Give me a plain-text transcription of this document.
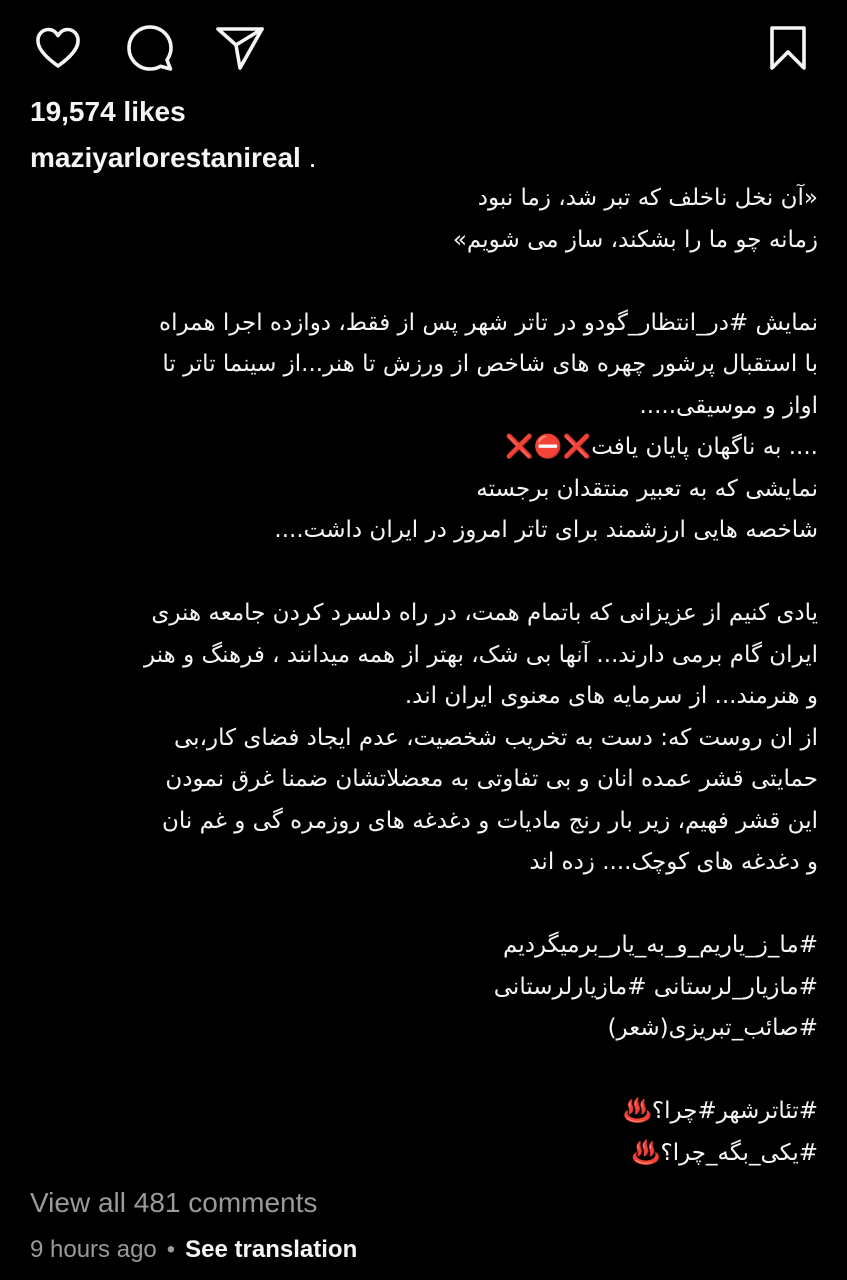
19,574 likes
maziyarlorestanireal .
«آن نخل ناخلف که تبر شد، زما نبود
زمانه چو ما را بشکند، ساز می شویم»
نمایش #در_انتظار_گودو در تاتر شهر پس از فقط، دوازده اجرا همراه
با استقبال پرشور چهره های شاخص از ورزش تا هنر...از سینما تاتر تا
اواز و موسیقی.....
.... به ناگهان پایان یافت❌⛔❌
نمایشی که به تعبیر منتقدان برجسته
شاخصه هایی ارزشمند برای تاتر امروز در ایران داشت....
یادی کنیم از عزیزانی که باتمام همت، در راه دلسرد کردن جامعه هنری
ایران گام برمی دارند... آنها بی شک، بهتر از همه میدانند ، فرهنگ و هنر
و هنرمند... از سرمایه های معنوی ایران اند.
از ان روست که: دست به تخریب شخصیت، عدم ایجاد فضای کار،بی
حمایتی قشر عمده انان و بی تفاوتی به معضلاتشان ضمنا غرق نمودن
این قشر فهیم، زیر بار رنج مادیات و دغدغه های روزمره گی و غم نان
و دغدغه های کوچک.... زده اند
#ما_ز_یاریم_و_به_یار_برمیگردیم
#مازیار_لرستانی #مازیارلرستانی
#صائب_تبریزی(شعر)
#تئاترشهر#چرا؟♨️
#یکی_بگه_چرا؟♨️
View all 481 comments
9 hours ago • See translation
